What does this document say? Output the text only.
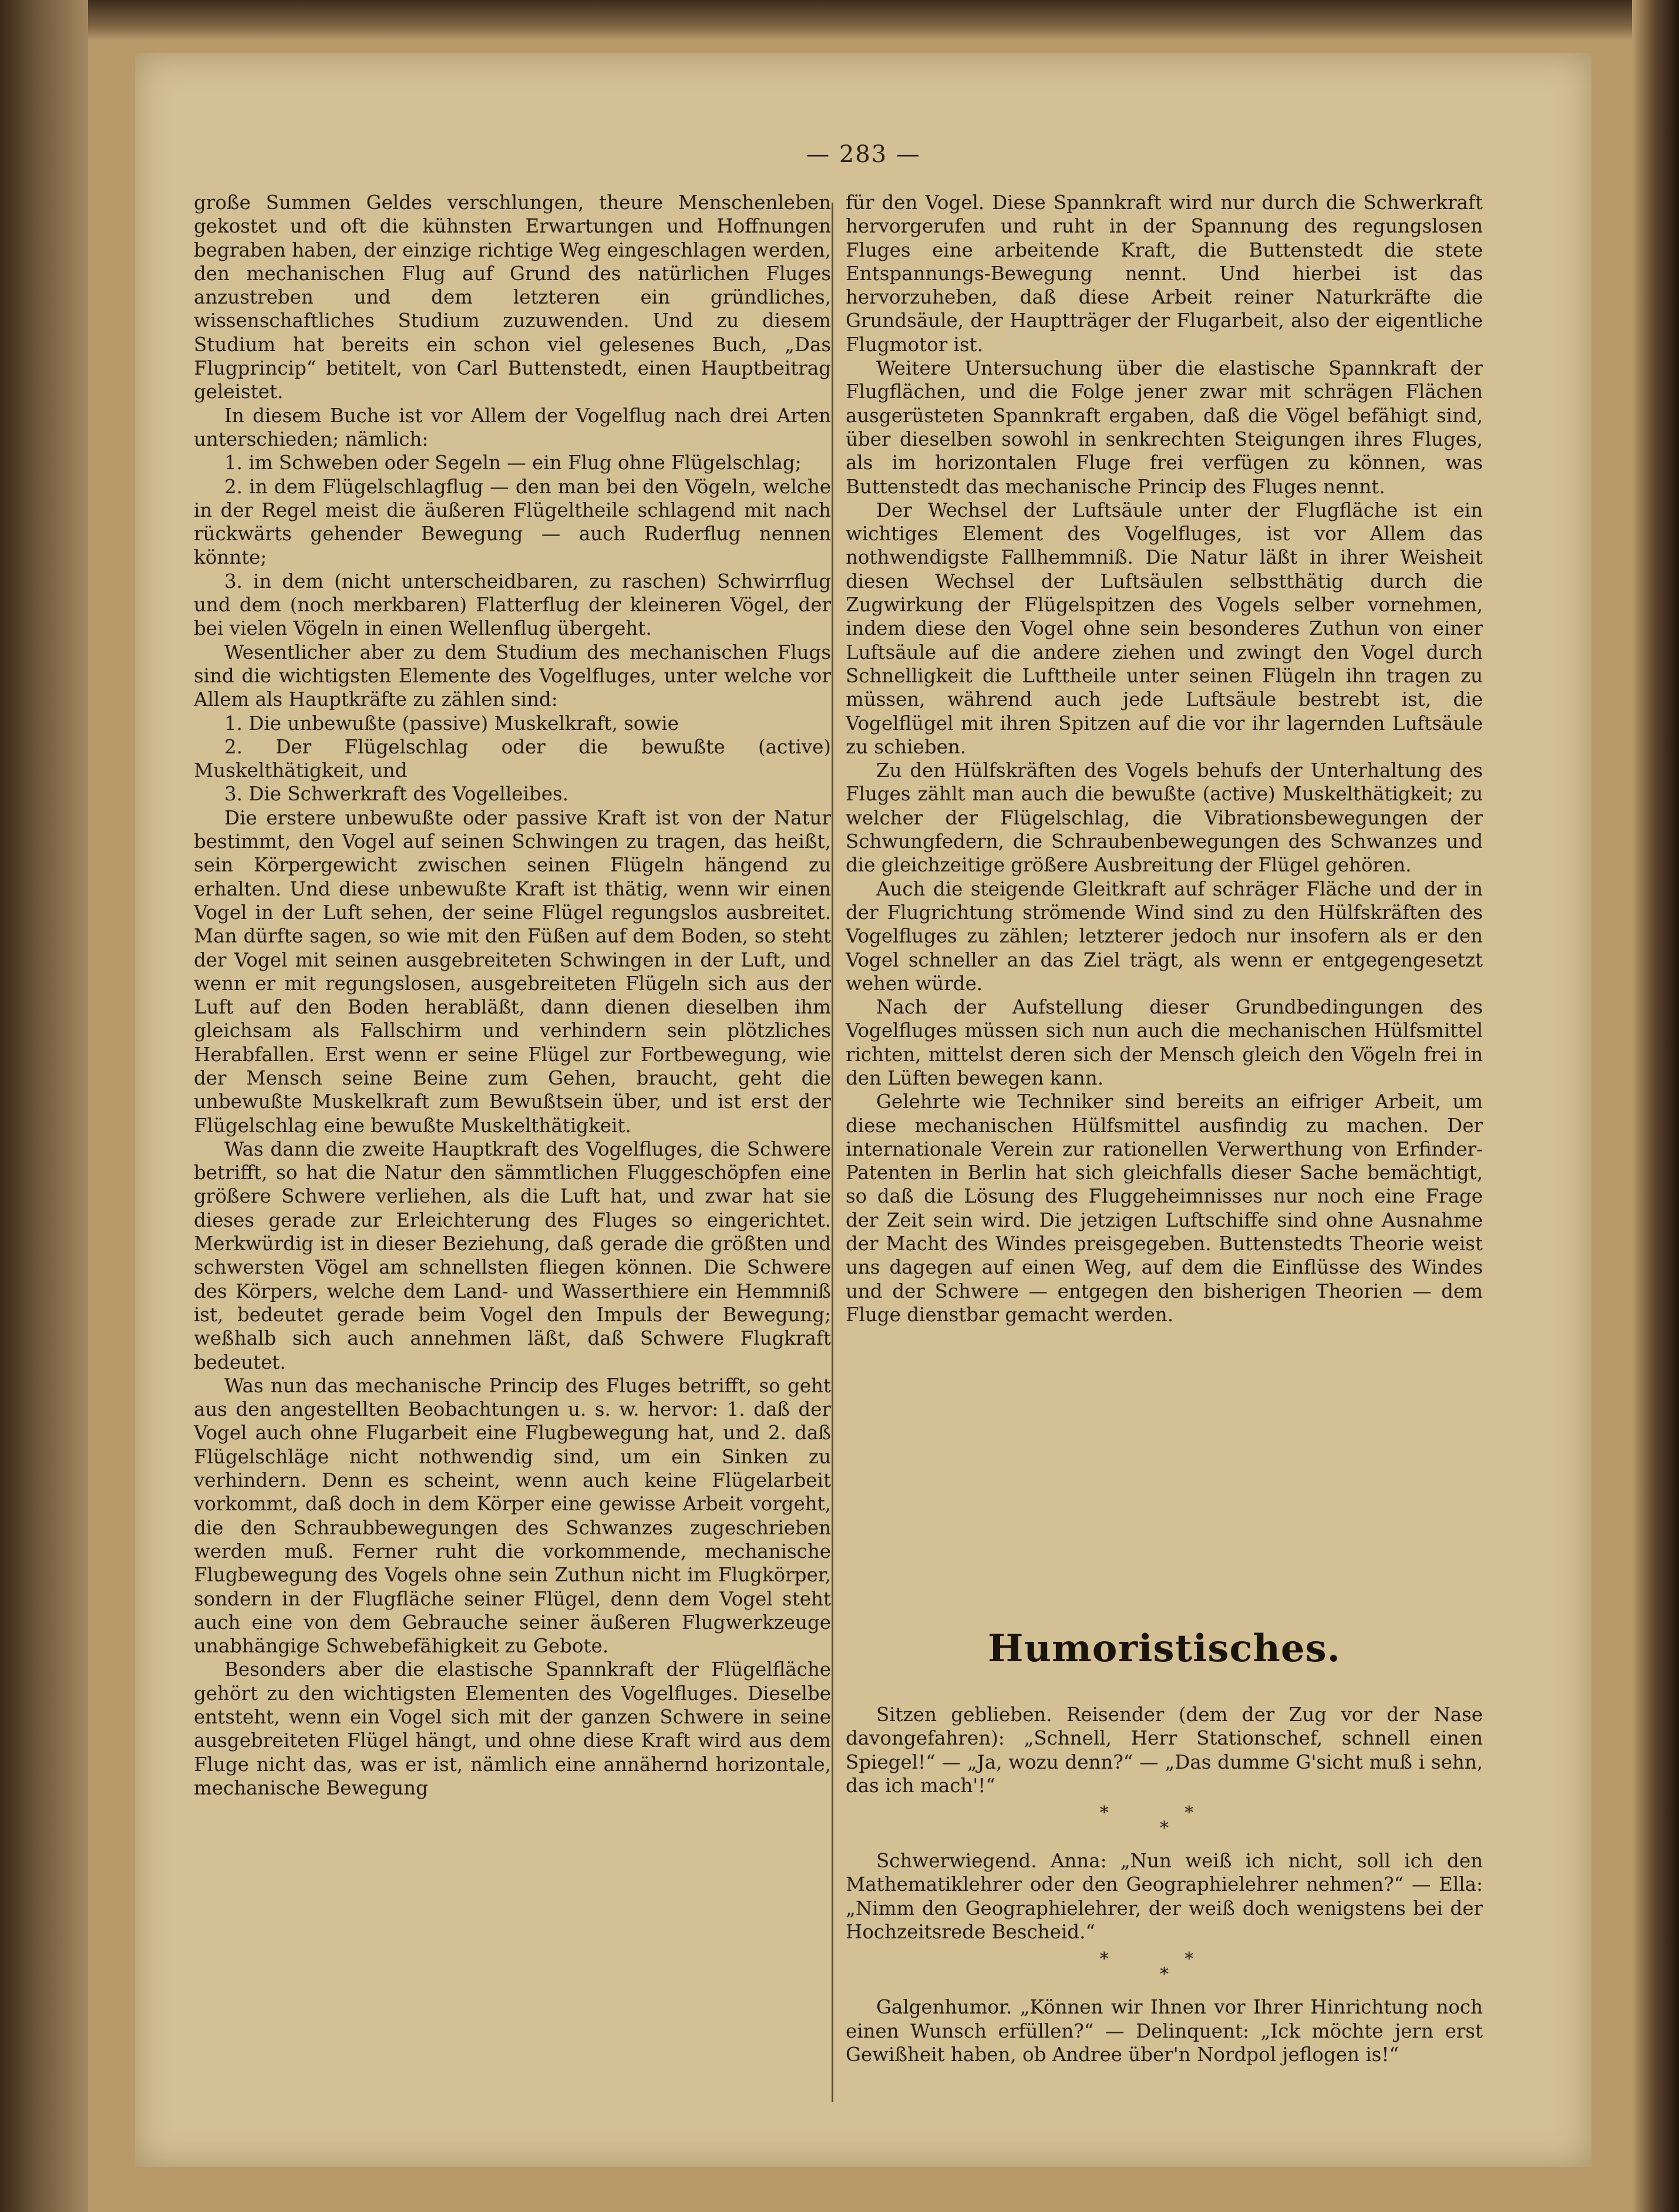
— 283 —

große Summen Geldes verschlungen, theure Menschenleben gekostet und oft die kühnsten Erwartungen und Hoffnungen begraben haben, der einzige richtige Weg eingeschlagen werden, den mechanischen Flug auf Grund des natürlichen Fluges anzustreben und dem letzteren ein gründliches, wissenschaftliches Studium zuzuwenden. Und zu diesem Studium hat bereits ein schon viel gelesenes Buch, „Das Flugprincip“ betitelt, von Carl Buttenstedt, einen Hauptbeitrag geleistet.

In diesem Buche ist vor Allem der Vogelflug nach drei Arten unterschieden; nämlich:

1. im Schweben oder Segeln — ein Flug ohne Flügelschlag;

2. in dem Flügelschlagflug — den man bei den Vögeln, welche in der Regel meist die äußeren Flügeltheile schlagend mit nach rückwärts gehender Bewegung — auch Ruderflug nennen könnte;

3. in dem (nicht unterscheidbaren, zu raschen) Schwirrflug und dem (noch merkbaren) Flatterflug der kleineren Vögel, der bei vielen Vögeln in einen Wellenflug übergeht.

Wesentlicher aber zu dem Studium des mechanischen Flugs sind die wichtigsten Elemente des Vogelfluges, unter welche vor Allem als Hauptkräfte zu zählen sind:

1. Die unbewußte (passive) Muskelkraft, sowie

2. Der Flügelschlag oder die bewußte (active) Muskelthätigkeit, und

3. Die Schwerkraft des Vogelleibes.

Die erstere unbewußte oder passive Kraft ist von der Natur bestimmt, den Vogel auf seinen Schwingen zu tragen, das heißt, sein Körpergewicht zwischen seinen Flügeln hängend zu erhalten. Und diese unbewußte Kraft ist thätig, wenn wir einen Vogel in der Luft sehen, der seine Flügel regungslos ausbreitet. Man dürfte sagen, so wie mit den Füßen auf dem Boden, so steht der Vogel mit seinen ausgebreiteten Schwingen in der Luft, und wenn er mit regungslosen, ausgebreiteten Flügeln sich aus der Luft auf den Boden herabläßt, dann dienen dieselben ihm gleichsam als Fallschirm und verhindern sein plötzliches Herabfallen. Erst wenn er seine Flügel zur Fortbewegung, wie der Mensch seine Beine zum Gehen, braucht, geht die unbewußte Muskelkraft zum Bewußtsein über, und ist erst der Flügelschlag eine bewußte Muskelthätigkeit.

Was dann die zweite Hauptkraft des Vogelfluges, die Schwere betrifft, so hat die Natur den sämmtlichen Fluggeschöpfen eine größere Schwere verliehen, als die Luft hat, und zwar hat sie dieses gerade zur Erleichterung des Fluges so eingerichtet. Merkwürdig ist in dieser Beziehung, daß gerade die größten und schwersten Vögel am schnellsten fliegen können. Die Schwere des Körpers, welche dem Land- und Wasserthiere ein Hemmniß ist, bedeutet gerade beim Vogel den Impuls der Bewegung; weßhalb sich auch annehmen läßt, daß Schwere Flugkraft bedeutet.

Was nun das mechanische Princip des Fluges betrifft, so geht aus den angestellten Beobachtungen u. s. w. hervor: 1. daß der Vogel auch ohne Flugarbeit eine Flugbewegung hat, und 2. daß Flügelschläge nicht nothwendig sind, um ein Sinken zu verhindern. Denn es scheint, wenn auch keine Flügelarbeit vorkommt, daß doch in dem Körper eine gewisse Arbeit vorgeht, die den Schraubbewegungen des Schwanzes zugeschrieben werden muß. Ferner ruht die vorkommende, mechanische Flugbewegung des Vogels ohne sein Zuthun nicht im Flugkörper, sondern in der Flugfläche seiner Flügel, denn dem Vogel steht auch eine von dem Gebrauche seiner äußeren Flugwerkzeuge unabhängige Schwebefähigkeit zu Gebote.

Besonders aber die elastische Spannkraft der Flügelfläche gehört zu den wichtigsten Elementen des Vogelfluges. Dieselbe entsteht, wenn ein Vogel sich mit der ganzen Schwere in seine ausgebreiteten Flügel hängt, und ohne diese Kraft wird aus dem Fluge nicht das, was er ist, nämlich eine annähernd horizontale, mechanische Bewegung

für den Vogel. Diese Spannkraft wird nur durch die Schwerkraft hervorgerufen und ruht in der Spannung des regungslosen Fluges eine arbeitende Kraft, die Buttenstedt die stete Entspannungs-Bewegung nennt. Und hierbei ist das hervorzuheben, daß diese Arbeit reiner Naturkräfte die Grundsäule, der Hauptträger der Flugarbeit, also der eigentliche Flugmotor ist.

Weitere Untersuchung über die elastische Spannkraft der Flugflächen, und die Folge jener zwar mit schrägen Flächen ausgerüsteten Spannkraft ergaben, daß die Vögel befähigt sind, über dieselben sowohl in senkrechten Steigungen ihres Fluges, als im horizontalen Fluge frei verfügen zu können, was Buttenstedt das mechanische Princip des Fluges nennt.

Der Wechsel der Luftsäule unter der Flugfläche ist ein wichtiges Element des Vogelfluges, ist vor Allem das nothwendigste Fallhemmniß. Die Natur läßt in ihrer Weisheit diesen Wechsel der Luftsäulen selbstthätig durch die Zugwirkung der Flügelspitzen des Vogels selber vornehmen, indem diese den Vogel ohne sein besonderes Zuthun von einer Luftsäule auf die andere ziehen und zwingt den Vogel durch Schnelligkeit die Lufttheile unter seinen Flügeln ihn tragen zu müssen, während auch jede Luftsäule bestrebt ist, die Vogelflügel mit ihren Spitzen auf die vor ihr lagernden Luftsäule zu schieben.

Zu den Hülfskräften des Vogels behufs der Unterhaltung des Fluges zählt man auch die bewußte (active) Muskelthätigkeit; zu welcher der Flügelschlag, die Vibrationsbewegungen der Schwungfedern, die Schraubenbewegungen des Schwanzes und die gleichzeitige größere Ausbreitung der Flügel gehören.

Auch die steigende Gleitkraft auf schräger Fläche und der in der Flugrichtung strömende Wind sind zu den Hülfskräften des Vogelfluges zu zählen; letzterer jedoch nur insofern als er den Vogel schneller an das Ziel trägt, als wenn er entgegengesetzt wehen würde.

Nach der Aufstellung dieser Grundbedingungen des Vogelfluges müssen sich nun auch die mechanischen Hülfsmittel richten, mittelst deren sich der Mensch gleich den Vögeln frei in den Lüften bewegen kann.

Gelehrte wie Techniker sind bereits an eifriger Arbeit, um diese mechanischen Hülfsmittel ausfindig zu machen. Der internationale Verein zur rationellen Verwerthung von Erfinder-Patenten in Berlin hat sich gleichfalls dieser Sache bemächtigt, so daß die Lösung des Fluggeheimnisses nur noch eine Frage der Zeit sein wird. Die jetzigen Luftschiffe sind ohne Ausnahme der Macht des Windes preisgegeben. Buttenstedts Theorie weist uns dagegen auf einen Weg, auf dem die Einflüsse des Windes und der Schwere — entgegen den bisherigen Theorien — dem Fluge dienstbar gemacht werden.

Humoristisches.

Sitzen geblieben. Reisender (dem der Zug vor der Nase davongefahren): „Schnell, Herr Stationschef, schnell einen Spiegel!“ — „Ja, wozu denn?“ — „Das dumme G'sicht muß i sehn, das ich mach'!“

* *
*

Schwerwiegend. Anna: „Nun weiß ich nicht, soll ich den Mathematiklehrer oder den Geographielehrer nehmen?“ — Ella: „Nimm den Geographielehrer, der weiß doch wenigstens bei der Hochzeitsrede Bescheid.“

* *
*

Galgenhumor. „Können wir Ihnen vor Ihrer Hinrichtung noch einen Wunsch erfüllen?“ — Delinquent: „Ick möchte jern erst Gewißheit haben, ob Andree über'n Nordpol jeflogen is!“
